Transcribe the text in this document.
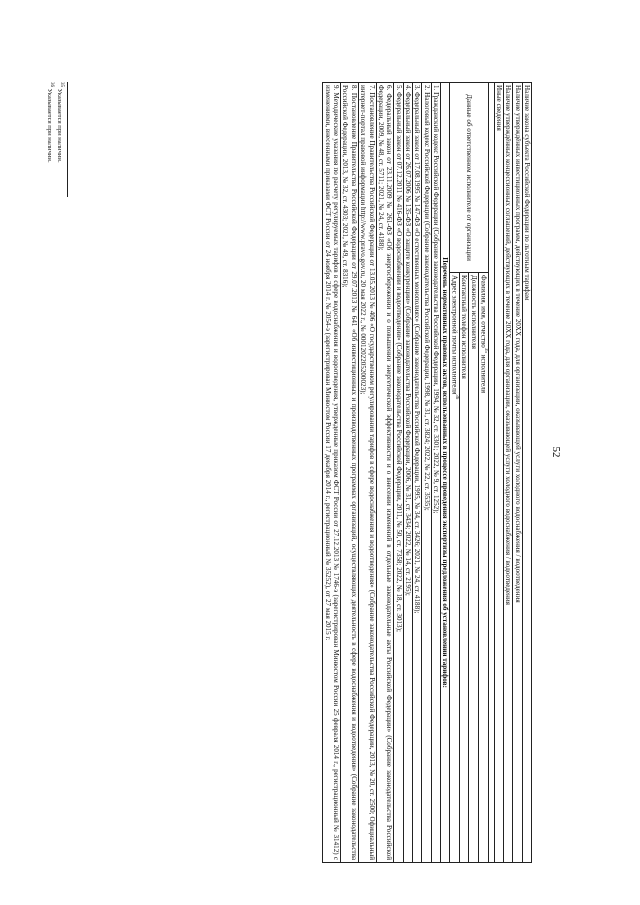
52
Наличие закона субъекта Российской Федерации по льготным тарифам
Наличие утверждённых инвестиционных программ, действующих в течение 20ХХ года, для организации, оказывающей услуги холодного водоснабжения / водоотведения
Наличие утверждённых концессионных соглашений, действующих в течение 20ХХ года, для организации, оказывающей услуги холодного водоснабжения / водоотведения
Иные сведения

Данные об ответственном исполнителе от организации	Фамилия, имя, отчество$^{35}$ исполнителя
Должность исполнителя
Контактный телефон исполнителя
Адрес электронной почты исполнителя$^{36}$
Перечень нормативных правовых актов, использованных в процессе проведения экспертизы предложения об установлении тарифов:
1. Гражданский кодекс Российской Федерации (Собрание законодательства Российской Федерации, 1994, № 32, ст. 3301; 2022, № 9, ст. 1252);
2. Налоговый кодекс Российской Федерации (Собрание законодательства Российской Федерации, 1998, № 31, ст. 3824; 2022, № 22, ст. 3535);
3. Федеральный закон от 17.08.1995 № 147-ФЗ «О естественных монополиях» (Собрание законодательства Российской Федерации, 1995, № 34, ст. 3426; 2021, № 24, ст. 4188);
4. Федеральный закон от 26.07.2006 № 135-ФЗ «О защите конкуренции» (Собрание законодательства Российской Федерации, 2006, № 31, ст. 3434; 2022, № 14, ст. 2195);
5. Федеральный закон от 07.12.2011 № 416-ФЗ «О водоснабжении и водоотведении» (Собрание законодательства Российской Федерации, 2011, № 50, ст. 7358; 2022, № 18, ст. 3013);
6. Федеральный закон от 23.11.2009 № 261-ФЗ «Об энергосбережении и о повышении энергетической эффективности и о внесении изменений в отдельные законодательные акты Российской Федерации» (Собрание законодательства Российской Федерации, 2009, № 48, ст. 5711; 2021, № 24, ст. 4188);
7. Постановление Правительства Российской Федерации от 13.05.2013 № 406 «О государственном регулировании тарифов в сфере водоснабжения и водоотведения» (Собрание законодательства Российской Федерации, 2013, № 20, ст. 2500; Официальный интернет-портал правовой информации http://www.pravo.gov.ru, 20 мая 2022 г., № 0001202205200023);
8. Постановление Правительства Российской Федерации от 29.07.2013 № 641 «Об инвестиционных и производственных программах организаций, осуществляющих деятельность в сфере водоснабжения и водоотведения» (Собрание законодательства Российской Федерации, 2013, № 32, ст. 4303; 2021, № 49, ст. 8316);
9. Методические указания по расчету регулируемых тарифов в сфере водоснабжения и водоотведения, утвержденные приказом ФСТ России от 27.12.2013 № 1746-э (зарегистрирован Минюстом России 25 февраля 2014 г., регистрационный № 31412) с изменениями, внесенными приказами ФСТ России от 24 ноября 2014 г. № 2054-э (зарегистрирован Минюстом России 17 декабря 2014 г., регистрационный № 35252), от 27 мая 2015 г.
$^{35}$ Указывается при наличии.
$^{36}$ Указывается при наличии.
